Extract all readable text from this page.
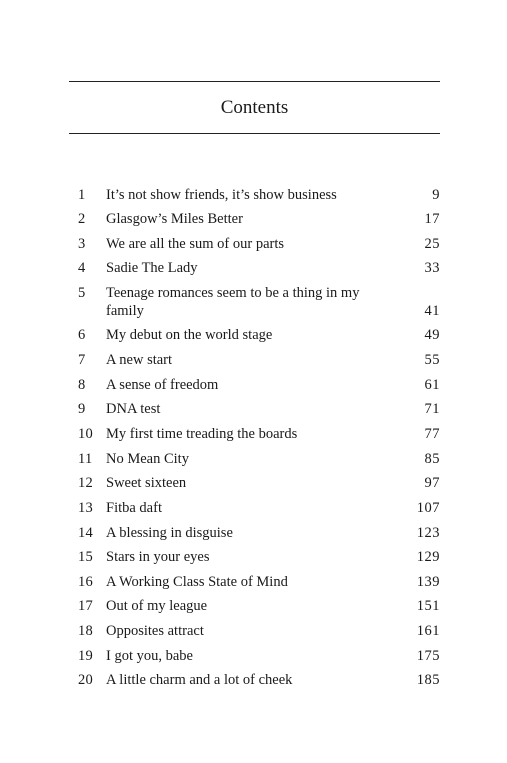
Contents
1	It’s not show friends, it’s show business	9
2	Glasgow’s Miles Better	17
3	We are all the sum of our parts	25
4	Sadie The Lady	33
5	Teenage romances seem to be a thing in my family	41
6	My debut on the world stage	49
7	A new start	55
8	A sense of freedom	61
9	DNA test	71
10 My first time treading the boards	77
11 No Mean City	85
12 Sweet sixteen	97
13 Fitba daft	107
14 A blessing in disguise	123
15 Stars in your eyes	129
16 A Working Class State of Mind	139
17 Out of my league	151
18 Opposites attract	161
19 I got you, babe	175
20 A little charm and a lot of cheek	185
